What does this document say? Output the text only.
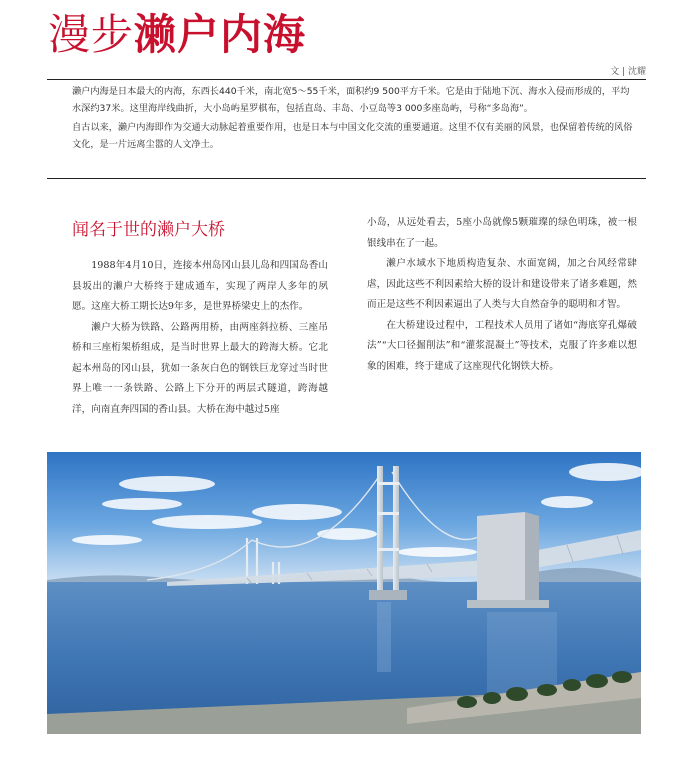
漫步濑户内海
文 | 沈耀

濑户内海是日本最大的内海，东西长440千米，南北宽5～55千米，面积约9 500平方千米。它是由于陆地下沉、海水入侵而形成的，平均水深约37米。这里海岸线曲折，大小岛屿星罗棋布，包括直岛、丰岛、小豆岛等3 000多座岛屿，号称“多岛海”。

自古以来，濑户内海即作为交通大动脉起着重要作用，也是日本与中国文化交流的重要通道。这里不仅有美丽的风景，也保留着传统的风俗文化，是一片远离尘嚣的人文净土。

闻名于世的濑户大桥

1988年4月10日，连接本州岛冈山县儿岛和四国岛香山县坂出的濑户大桥终于建成通车，实现了两岸人多年的夙愿。这座大桥工期长达9年多，是世界桥梁史上的杰作。

濑户大桥为铁路、公路两用桥，由两座斜拉桥、三座吊桥和三座桁架桥组成，是当时世界上最大的跨海大桥。它北起本州岛的冈山县，犹如一条灰白色的钢铁巨龙穿过当时世界上唯一一条铁路、公路上下分开的两层式隧道，跨海越洋，向南直奔四国的香山县。大桥在海中越过5座

小岛，从远处看去，5座小岛就像5颗璀璨的绿色明珠，被一根银线串在了一起。

濑户水域水下地质构造复杂、水面宽阔，加之台风经常肆虐，因此这些不利因素给大桥的设计和建设带来了诸多难题，然而正是这些不利因素逼出了人类与大自然奋争的聪明和才智。

在大桥建设过程中，工程技术人员用了诸如“海底穿孔爆破法”“大口径掘削法”和“灌浆混凝土”等技术，克服了许多难以想象的困难，终于建成了这座现代化钢铁大桥。
